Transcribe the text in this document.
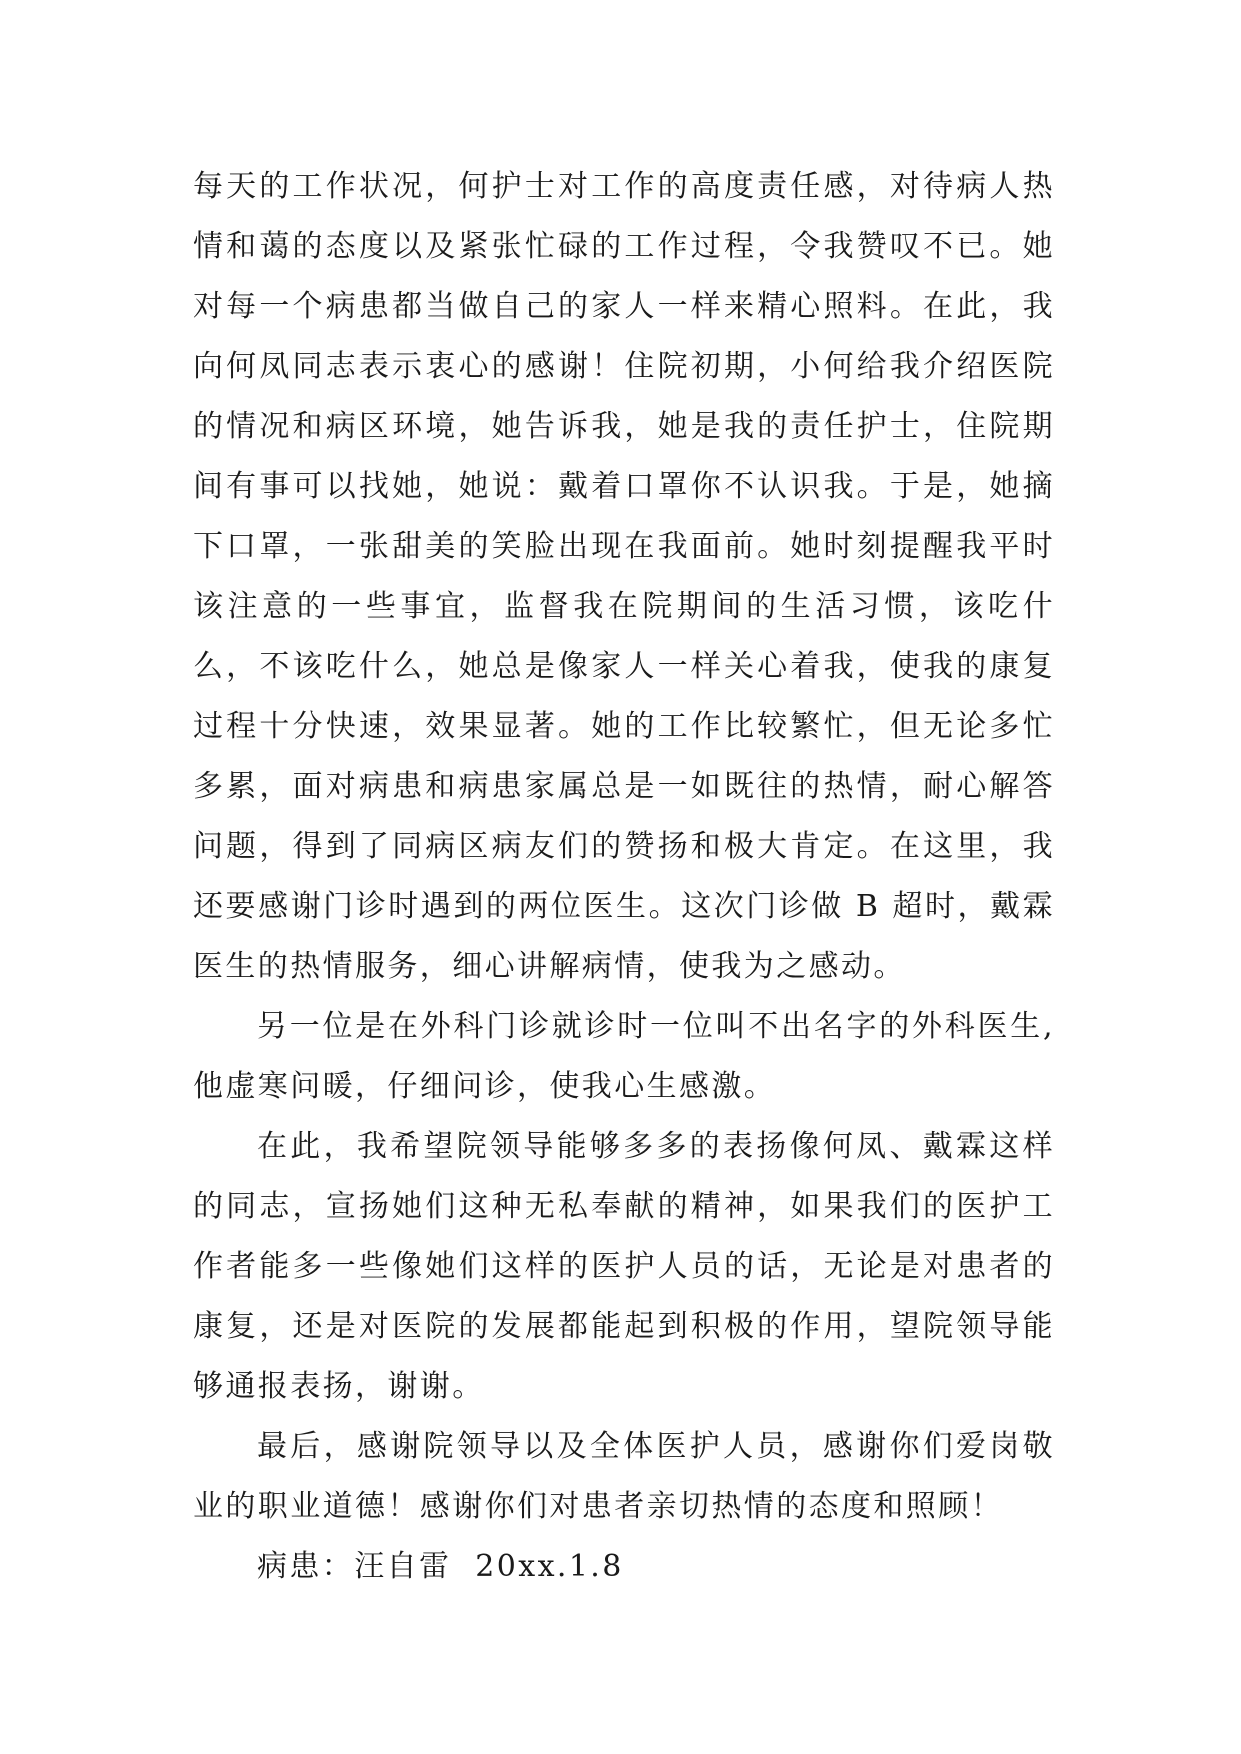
每天的工作状况，何护士对工作的高度责任感，对待病人热情和蔼的态度以及紧张忙碌的工作过程，令我赞叹不已。她对每一个病患都当做自己的家人一样来精心照料。在此，我向何凤同志表示衷心的感谢！住院初期，小何给我介绍医院的情况和病区环境，她告诉我，她是我的责任护士，住院期间有事可以找她，她说：戴着口罩你不认识我。于是，她摘下口罩，一张甜美的笑脸出现在我面前。她时刻提醒我平时该注意的一些事宜，监督我在院期间的生活习惯，该吃什么，不该吃什么，她总是像家人一样关心着我，使我的康复过程十分快速，效果显著。她的工作比较繁忙，但无论多忙多累，面对病患和病患家属总是一如既往的热情，耐心解答问题，得到了同病区病友们的赞扬和极大肯定。在这里，我还要感谢门诊时遇到的两位医生。这次门诊做 B 超时，戴霖医生的热情服务，细心讲解病情，使我为之感动。

另一位是在外科门诊就诊时一位叫不出名字的外科医生,他虚寒问暖，仔细问诊，使我心生感激。

在此，我希望院领导能够多多的表扬像何凤、戴霖这样的同志，宣扬她们这种无私奉献的精神，如果我们的医护工作者能多一些像她们这样的医护人员的话，无论是对患者的康复，还是对医院的发展都能起到积极的作用，望院领导能够通报表扬，谢谢。

最后，感谢院领导以及全体医护人员，感谢你们爱岗敬业的职业道德！感谢你们对患者亲切热情的态度和照顾！

病患：汪自雷  20xx.1.8
